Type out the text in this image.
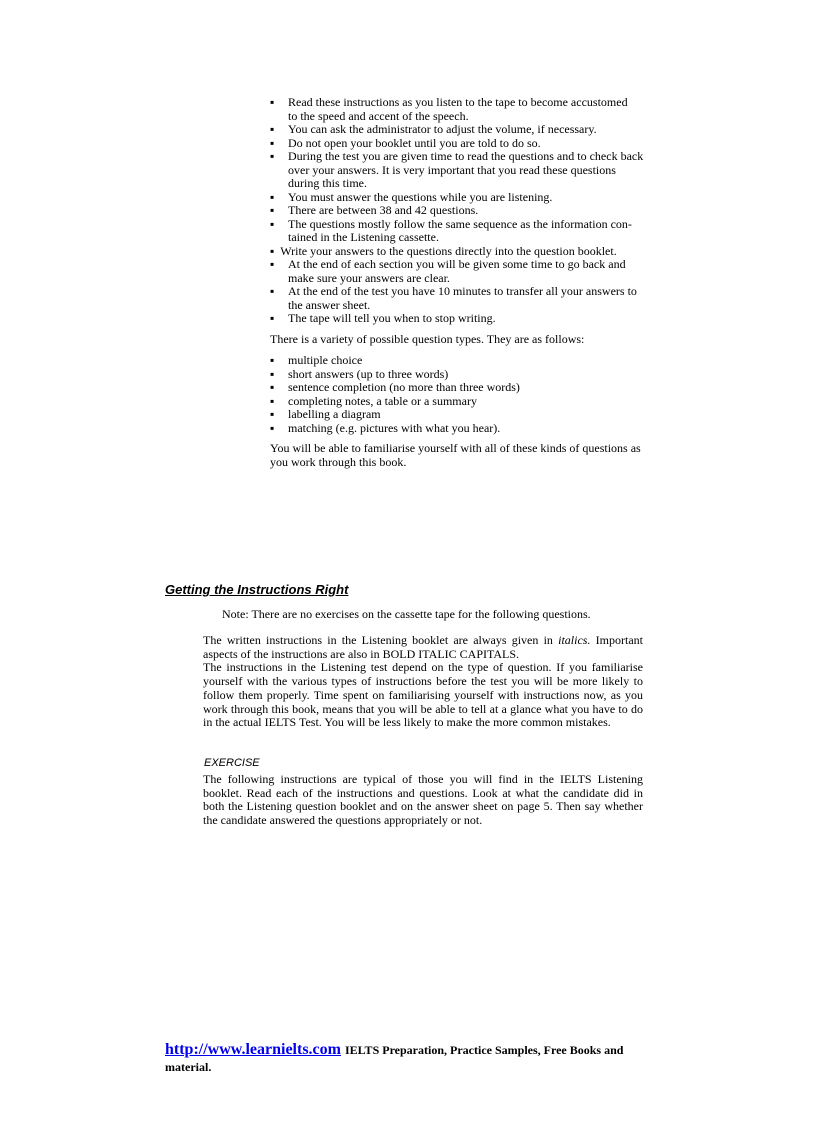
▪	Read these instructions as you listen to the tape to become accustomed
to the speed and accent of the speech.
▪	You can ask the administrator to adjust the volume, if necessary.
▪	Do not open your booklet until you are told to do so.
▪	During the test you are given time to read the questions and to check back
over your answers. It is very important that you read these questions
during this time.
▪	You must answer the questions while you are listening.
▪	There are between 38 and 42 questions.
▪	The questions mostly follow the same sequence as the information con-
tained in the Listening cassette.
▪ Write your answers to the questions directly into the question booklet.
▪	At the end of each section you will be given some time to go back and
make sure your answers are clear.
▪	At the end of the test you have 10 minutes to transfer all your answers to
the answer sheet.
▪	The tape will tell you when to stop writing.

There is a variety of possible question types. They are as follows:

▪	multiple choice
▪	short answers (up to three words)
▪	sentence completion (no more than three words)
▪	completing notes, a table or a summary
▪	labelling a diagram
▪	matching (e.g. pictures with what you hear).

You will be able to familiarise yourself with all of these kinds of questions as you work through this book.

Getting the Instructions Right
Note: There are no exercises on the cassette tape for the following questions.

The written instructions in the Listening booklet are always given in italics. Important aspects of the instructions are also in BOLD ITALIC CAPITALS.

The instructions in the Listening test depend on the type of question. If you familiarise yourself with the various types of instructions before the test you will be more likely to follow them properly. Time spent on familiarising yourself with instructions now, as you work through this book, means that you will be able to tell at a glance what you have to do in the actual IELTS Test. You will be less likely to make the more common mistakes.

EXERCISE

The following instructions are typical of those you will find in the IELTS Listening booklet. Read each of the instructions and questions. Look at what the candidate did in both the Listening question booklet and on the answer sheet on page 5. Then say whether the candidate answered the questions appropriately or not.

http://www.learnielts.com IELTS Preparation, Practice Samples, Free Books and material.
